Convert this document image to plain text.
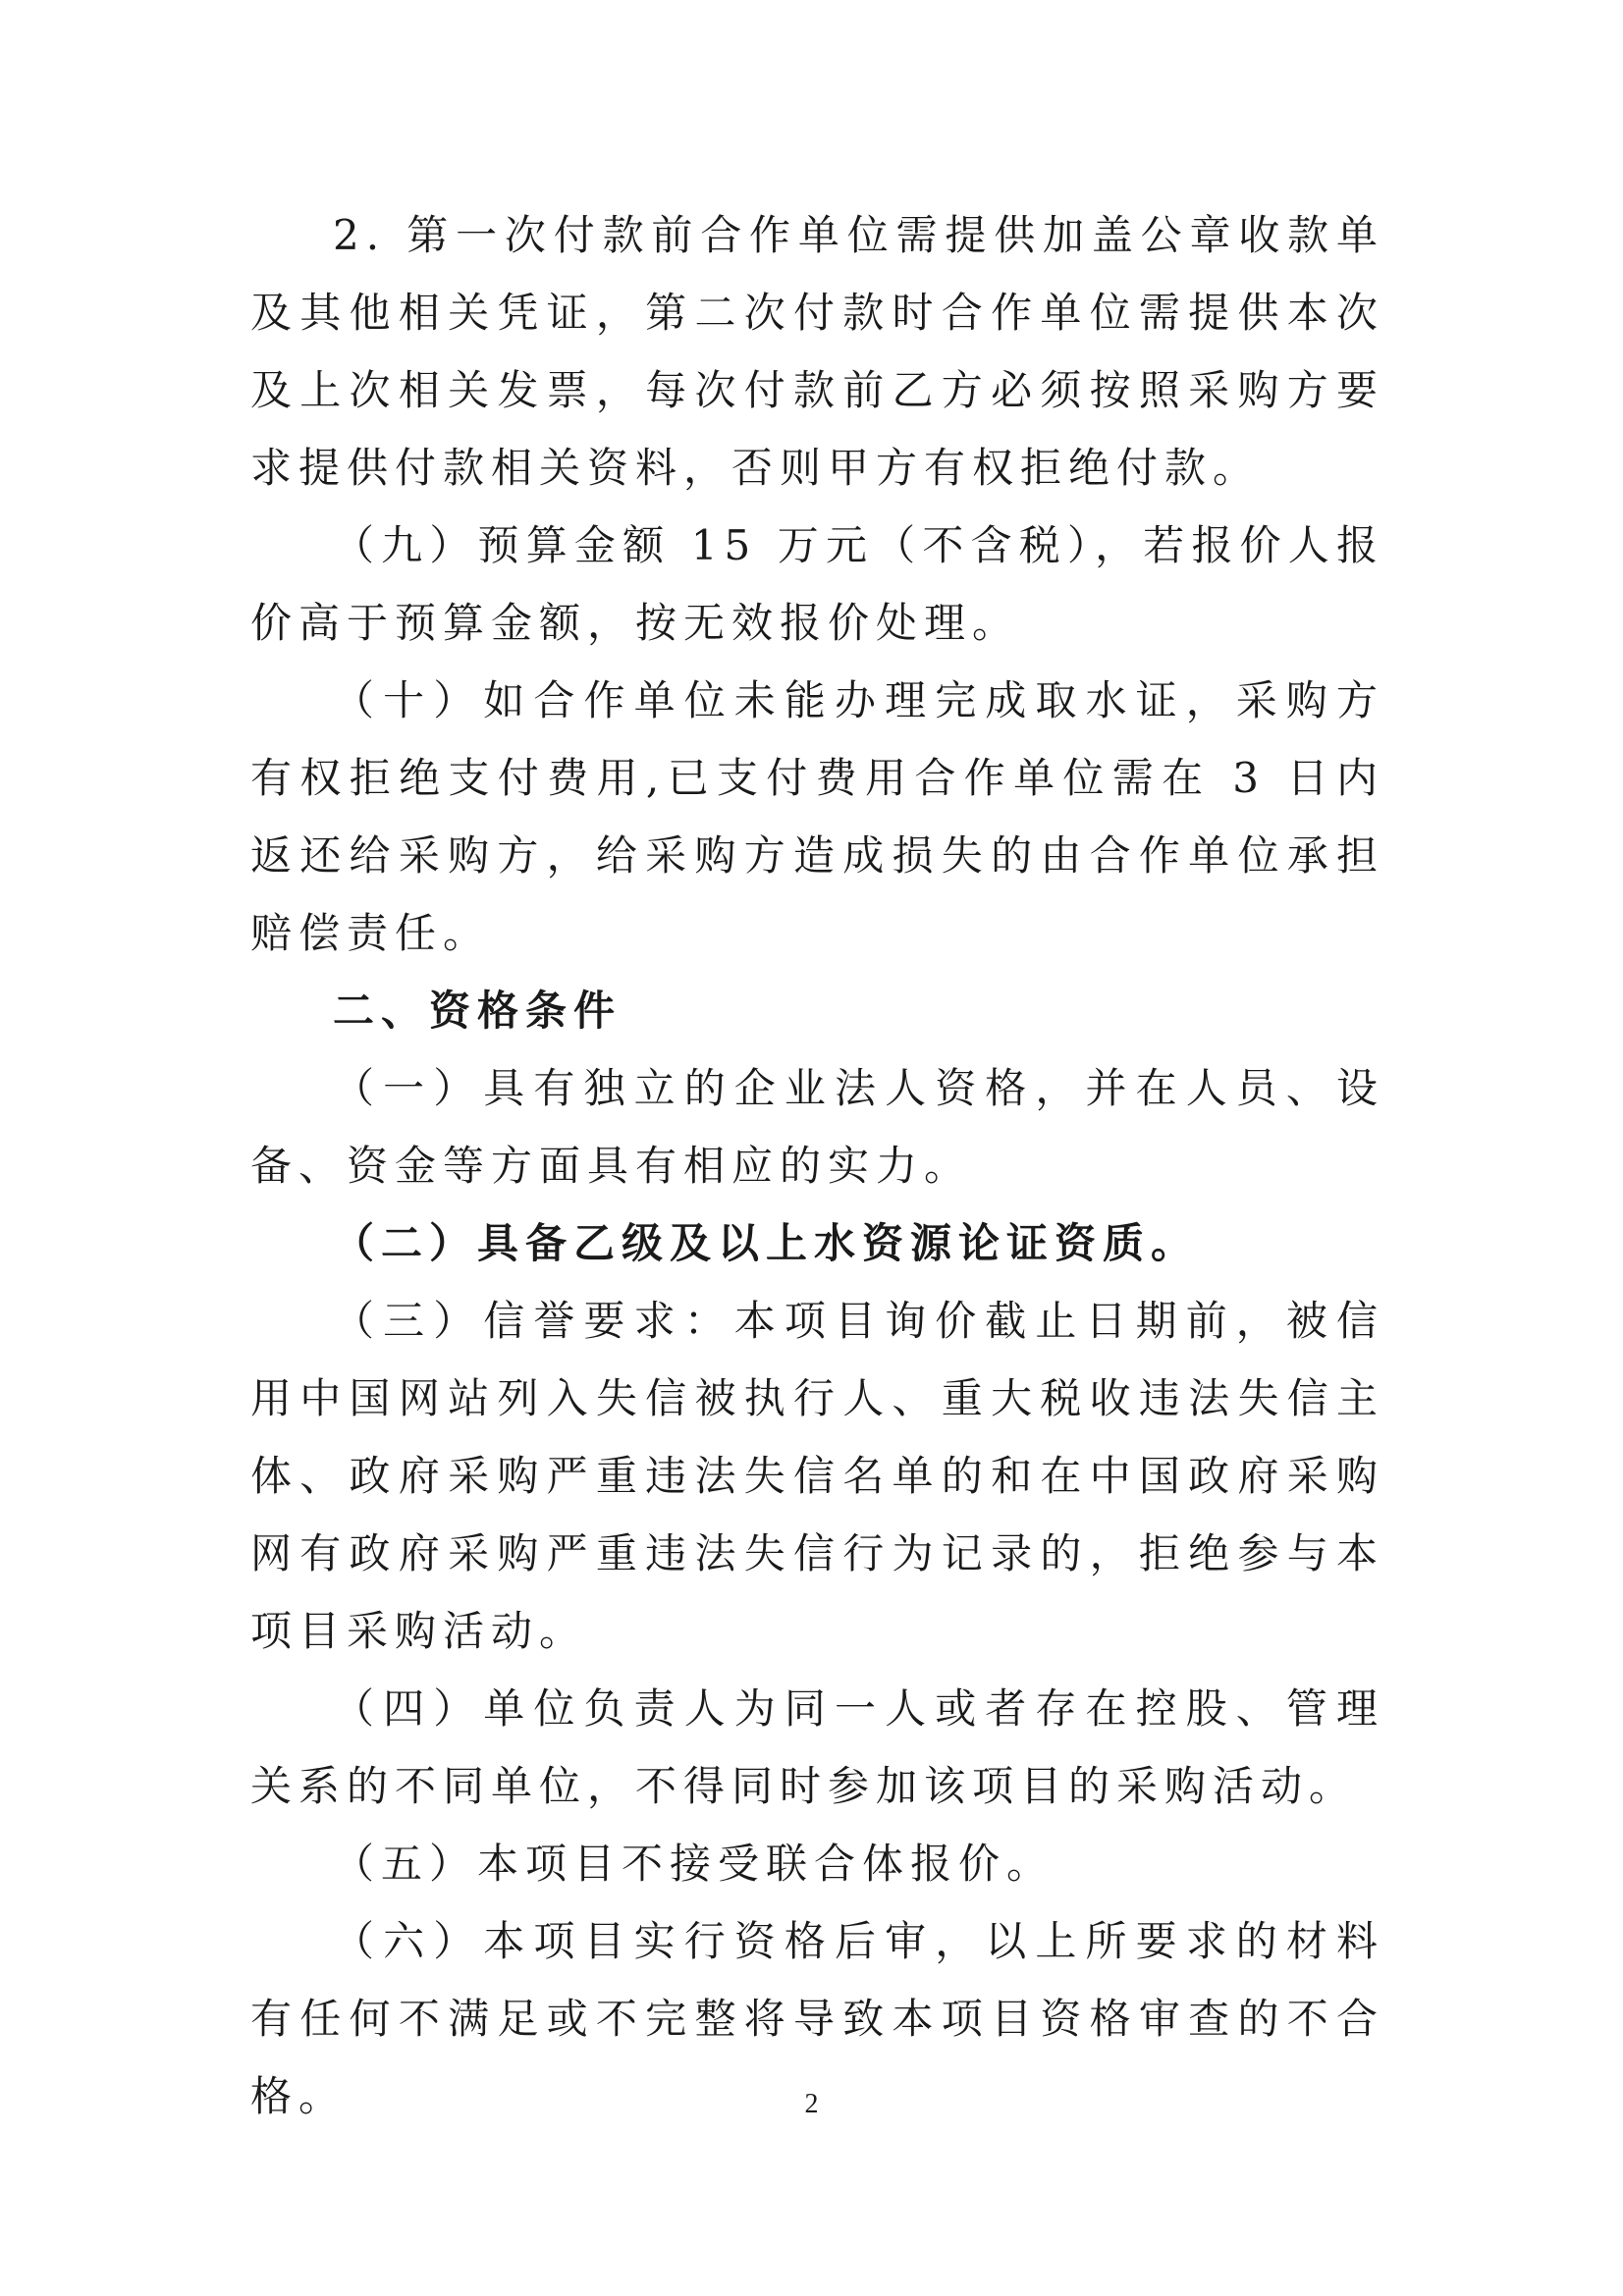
2. 第一次付款前合作单位需提供加盖公章收款单及其他相关凭证，第二次付款时合作单位需提供本次及上次相关发票，每次付款前乙方必须按照采购方要求提供付款相关资料，否则甲方有权拒绝付款。

（九）预算金额 15 万元（不含税），若报价人报价高于预算金额，按无效报价处理。

（十）如合作单位未能办理完成取水证，采购方有权拒绝支付费用,已支付费用合作单位需在 3 日内返还给采购方，给采购方造成损失的由合作单位承担赔偿责任。

二、资格条件

（一）具有独立的企业法人资格，并在人员、设备、资金等方面具有相应的实力。

（二）具备乙级及以上水资源论证资质。

（三）信誉要求：本项目询价截止日期前，被信用中国网站列入失信被执行人、重大税收违法失信主体、政府采购严重违法失信名单的和在中国政府采购网有政府采购严重违法失信行为记录的，拒绝参与本项目采购活动。

（四）单位负责人为同一人或者存在控股、管理关系的不同单位，不得同时参加该项目的采购活动。

（五）本项目不接受联合体报价。

（六）本项目实行资格后审，以上所要求的材料有任何不满足或不完整将导致本项目资格审查的不合格。	2
